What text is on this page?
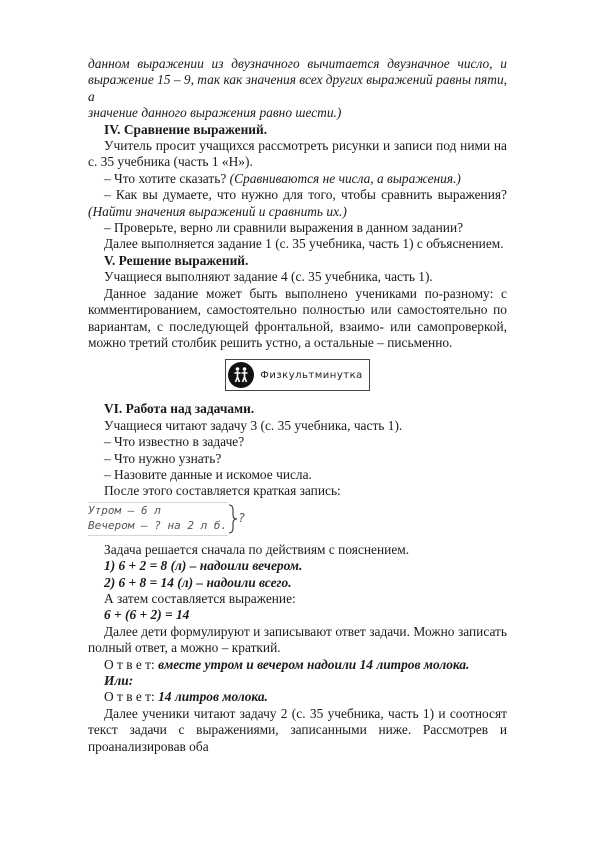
данном выражении из двузначного вычитается двузначное число, и

выражение 15 – 9, так как значения всех других выражений равны пяти, а

значение данного выражения равно шести.)

IV. Сравнение выражений.

Учитель просит учащихся рассмотреть рисунки и записи под ними на с. 35 учебника (часть 1 «Н»).

– Что хотите сказать? (Сравниваются не числа, а выражения.)

– Как вы думаете, что нужно для того, чтобы сравнить выражения? (Найти значения выражений и сравнить их.)

– Проверьте, верно ли сравнили выражения в данном задании?

Далее выполняется задание 1 (с. 35 учебника, часть 1) с объяснением.

V. Решение выражений.

Учащиеся выполняют задание 4 (с. 35 учебника, часть 1).

Данное задание может быть выполнено учениками по-разному: с комментированием, самостоятельно полностью или самостоятельно по вариантам, с последующей фронтальной, взаимо- или самопроверкой, можно третий столбик решить устно, а остальные – письменно.

Физкультминутка

VI. Работа над задачами.

Учащиеся читают задачу 3 (с. 35 учебника, часть 1).

– Что известно в задаче?

– Что нужно узнать?

– Назовите данные и искомое числа.

После этого составляется краткая запись:

Утром – 6 л
Вечером – ? на 2 л б.
?

Задача решается сначала по действиям с пояснением.

1) 6 + 2 = 8 (л) – надоили вечером.

2) 6 + 8 = 14 (л) – надоили всего.

А затем составляется выражение:

6 + (6 + 2) = 14

Далее дети формулируют и записывают ответ задачи. Можно записать полный ответ, а можно – краткий.

О т в е т: вместе утром и вечером надоили 14 литров молока.

Или:

О т в е т: 14 литров молока.

Далее ученики читают задачу 2 (с. 35 учебника, часть 1) и соотносят текст задачи с выражениями, записанными ниже. Рассмотрев и проанализировав оба
